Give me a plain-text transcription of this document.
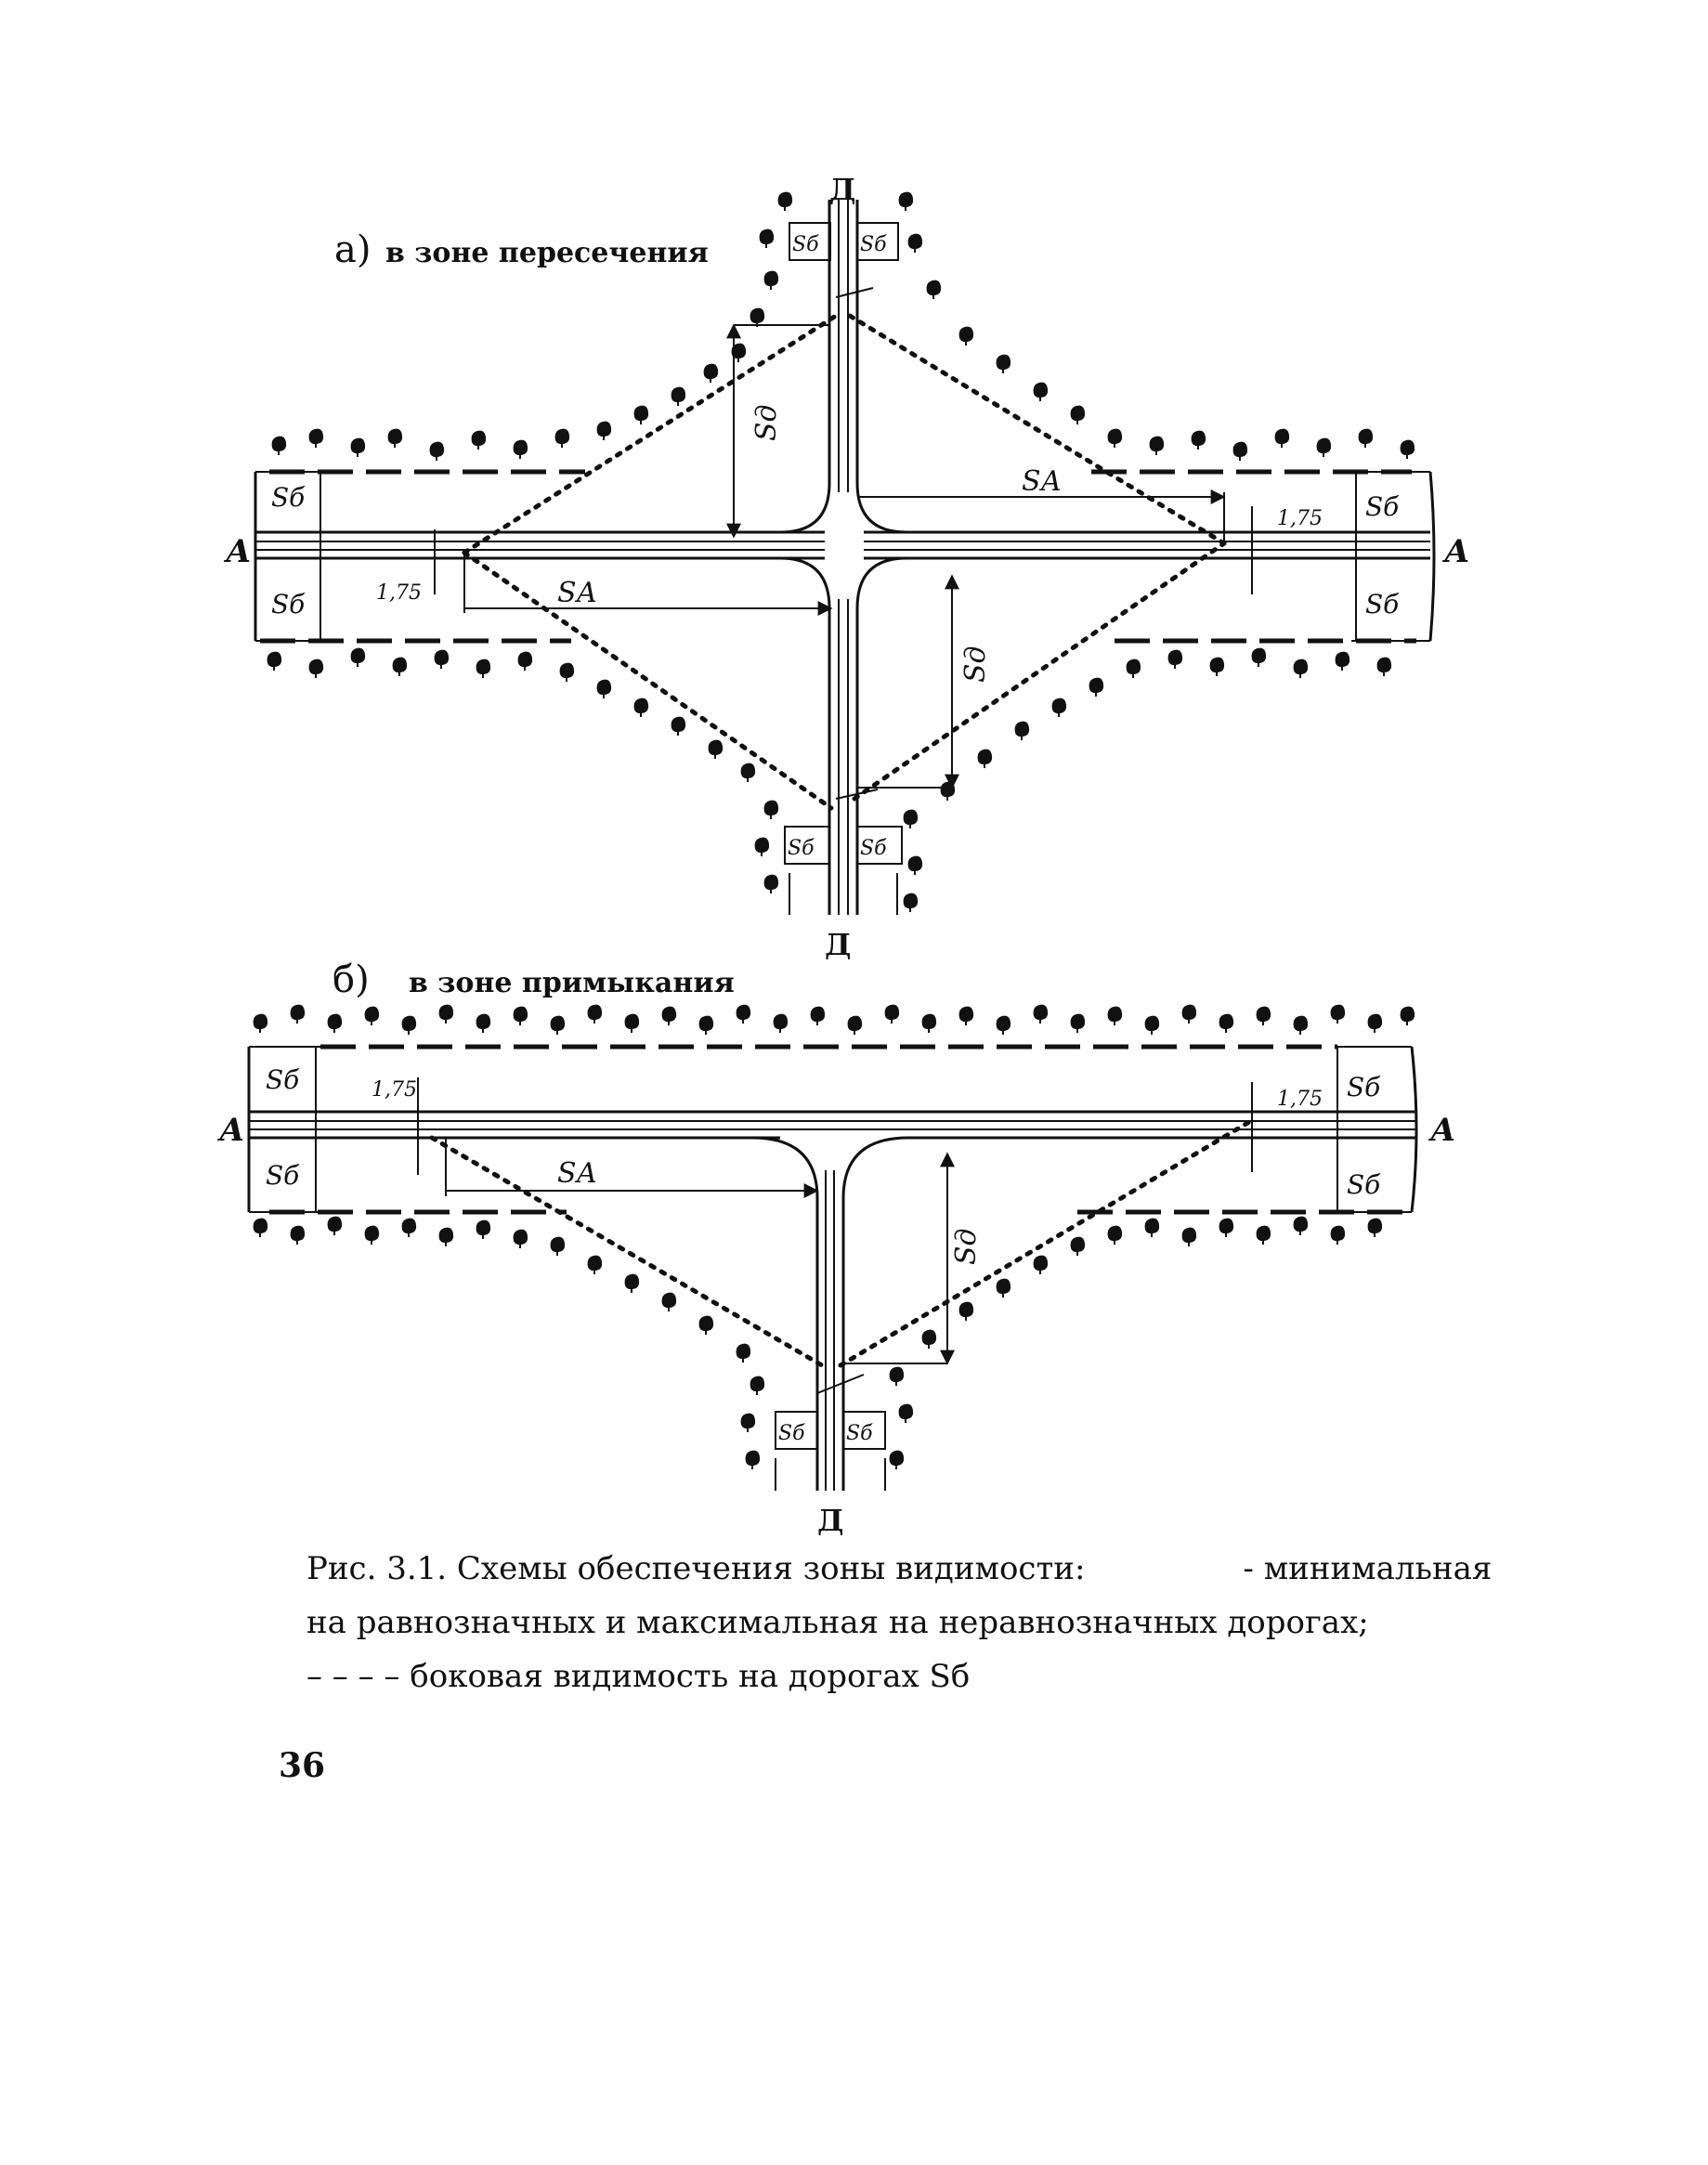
а) в зоне пересечения
А	А
Д
Д
Sд
Sд
SА
SА
1,75
1,75
Sб Sб
Sб Sб
Sб
Sб
Sб
Sб
б) в зоне примыкания
А	А
Д
Sд
SА
1,75	1,75
Sб Sб
Sб
Sб
Sб
Sб
Рис. 3.1. Схемы обеспечения зоны видимости:	- минимальная
на равнозначных и максимальная на неравнозначных дорогах;
– – – – боковая видимость на дорогах Sб
36
